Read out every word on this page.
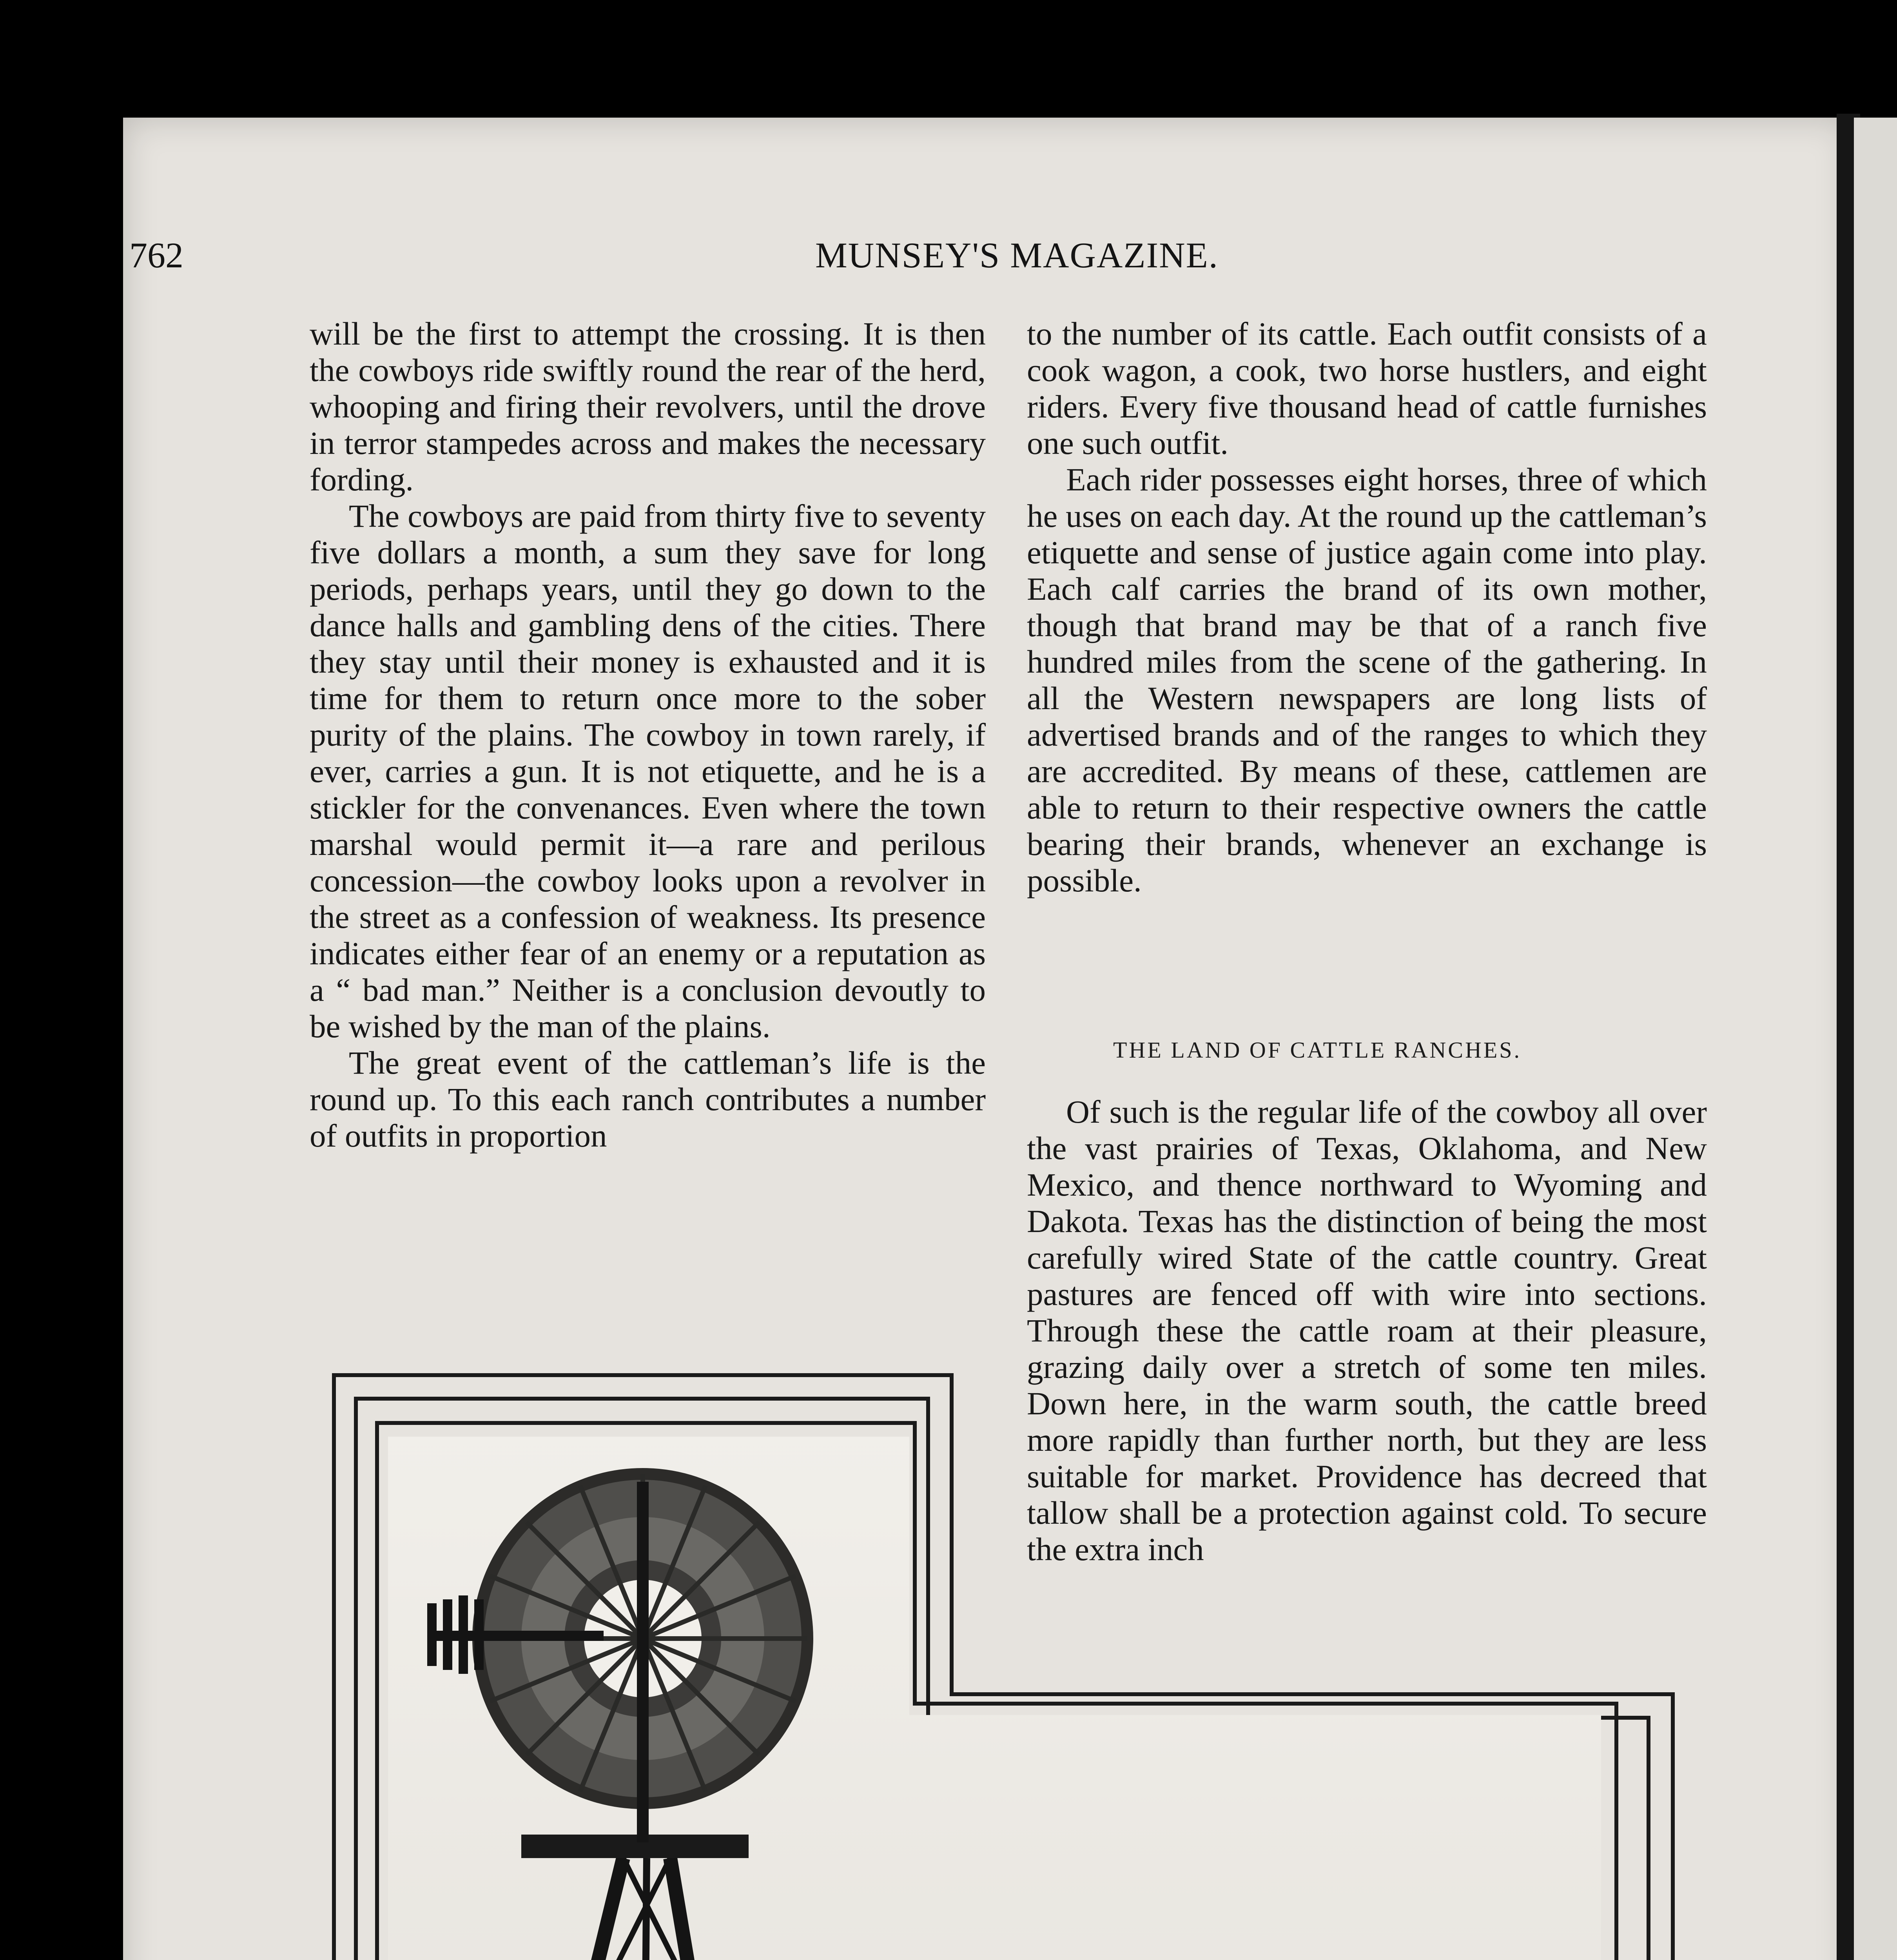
762	MUNSEY'S MAGAZINE.

will be the first to attempt the crossing. It is then the cowboys ride swiftly round the rear of the herd, whooping and firing their revolvers, until the drove in terror stampedes across and makes the necessary fording.

The cowboys are paid from thirty five to seventy five dollars a month, a sum they save for long periods, perhaps years, until they go down to the dance halls and gambling dens of the cities. There they stay until their money is exhausted and it is time for them to return once more to the sober purity of the plains. The cowboy in town rarely, if ever, carries a gun. It is not etiquette, and he is a stickler for the convenances. Even where the town marshal would permit it—a rare and perilous concession—the cowboy looks upon a revolver in the street as a confession of weakness. Its presence indicates either fear of an enemy or a reputation as a “ bad man.” Neither is a conclusion devoutly to be wished by the man of the plains.

The great event of the cattleman’s life is the round up. To this each ranch contributes a number of outfits in proportion

to the number of its cattle. Each outfit consists of a cook wagon, a cook, two horse hustlers, and eight riders. Every five thousand head of cattle furnishes one such outfit.

Each rider possesses eight horses, three of which he uses on each day. At the round up the cattleman’s etiquette and sense of justice again come into play. Each calf carries the brand of its own mother, though that brand may be that of a ranch five hundred miles from the scene of the gathering. In all the Western newspapers are long lists of advertised brands and of the ranges to which they are accredited. By means of these, cattlemen are able to return to their respective owners the cattle bearing their brands, whenever an exchange is possible.

THE LAND OF CATTLE RANCHES.

Of such is the regular life of the cowboy all over the vast prairies of Texas, Oklahoma, and New Mexico, and thence northward to Wyoming and Dakota. Texas has the distinction of being the most carefully wired State of the cattle country. Great pastures are fenced off with wire into sections. Through these the cattle roam at their pleasure, grazing daily over a stretch of some ten miles. Down here, in the warm south, the cattle breed more rapidly than further north, but they are less suitable for market. Providence has decreed that tallow shall be a protection against cold. To secure the extra inch
